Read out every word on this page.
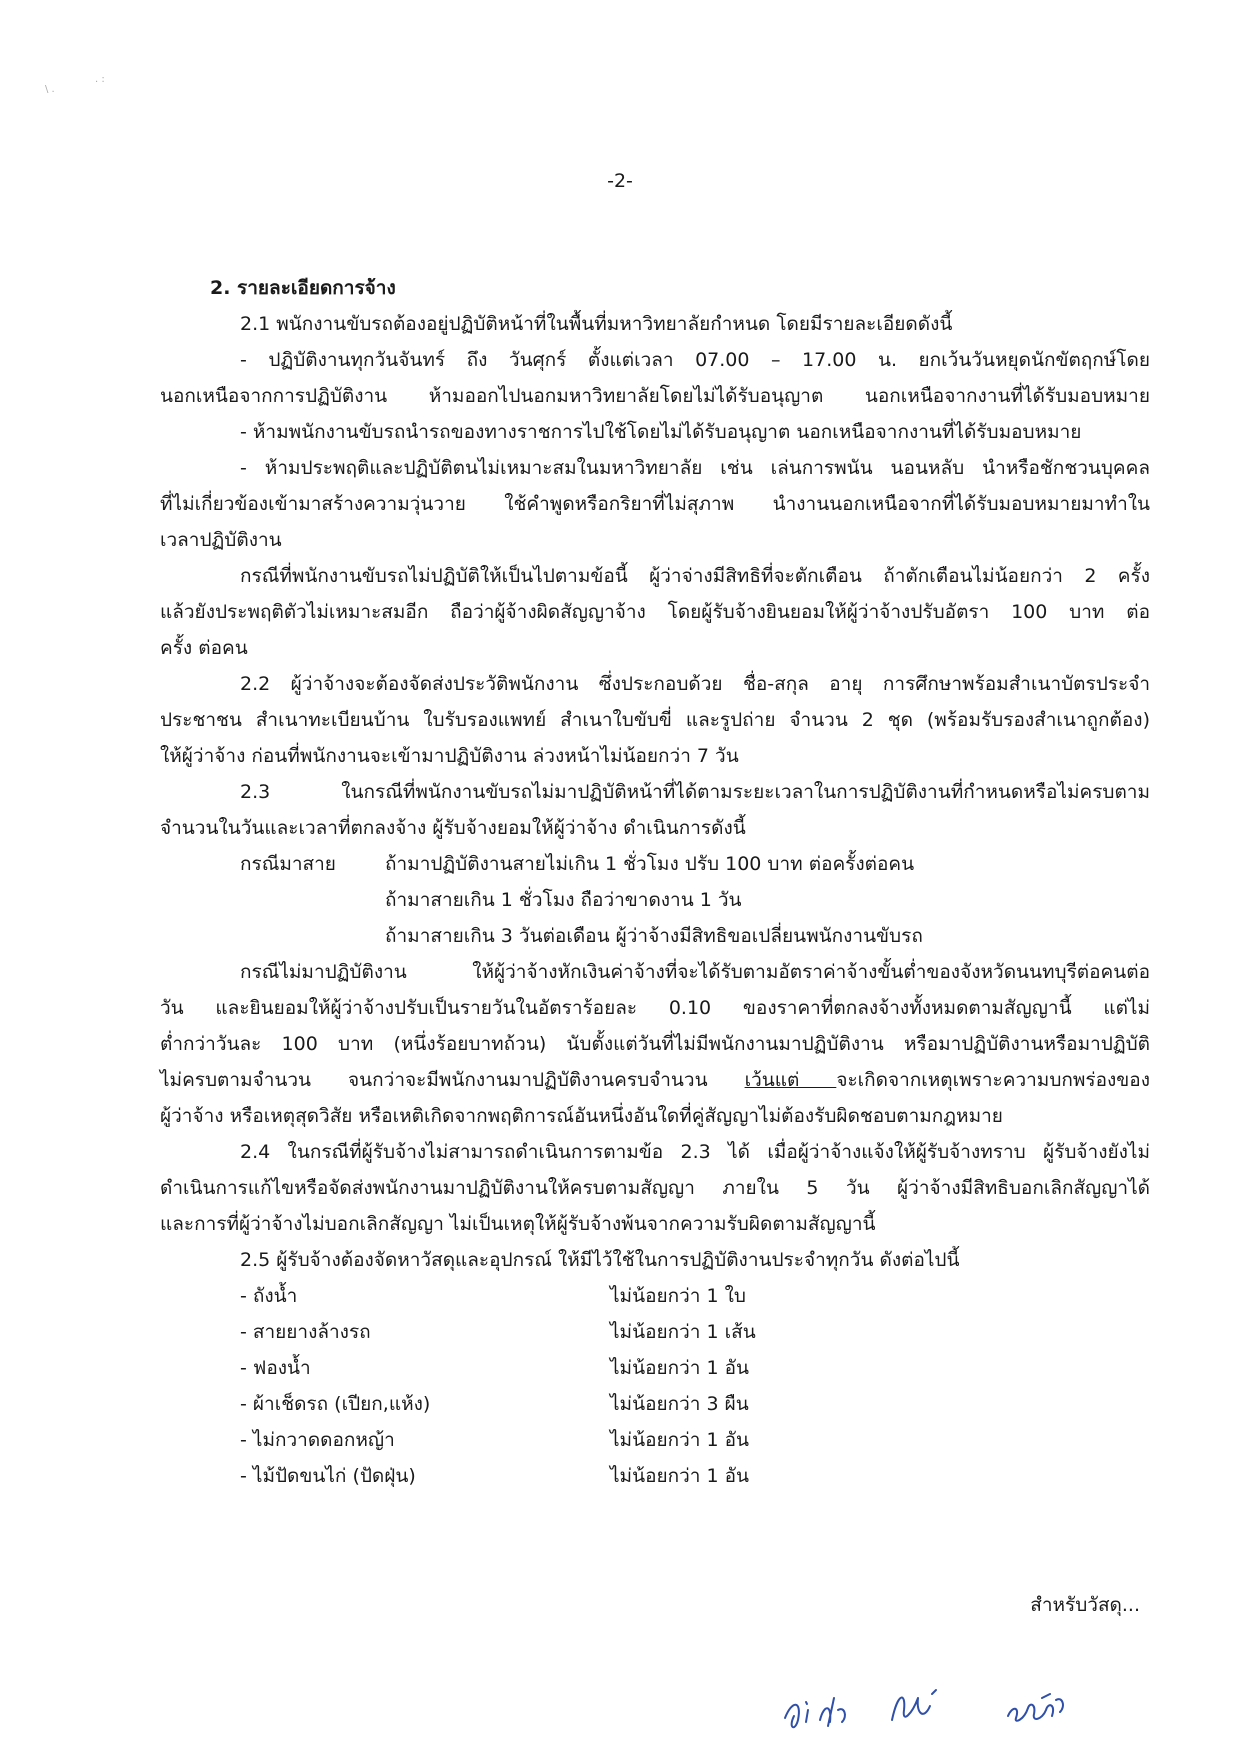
\ .
. :
-2-

2. รายละเอียดการจ้าง

2.1 พนักงานขับรถต้องอยู่ปฏิบัติหน้าที่ในพื้นที่มหาวิทยาลัยกำหนด โดยมีรายละเอียดดังนี้

- ปฏิบัติงานทุกวันจันทร์ ถึง วันศุกร์ ตั้งแต่เวลา 07.00 – 17.00 น. ยกเว้นวันหยุดนักขัตฤกษ์โดย

นอกเหนือจากการปฏิบัติงาน ห้ามออกไปนอกมหาวิทยาลัยโดยไม่ได้รับอนุญาต นอกเหนือจากงานที่ได้รับมอบหมาย

- ห้ามพนักงานขับรถนำรถของทางราชการไปใช้โดยไม่ได้รับอนุญาต นอกเหนือจากงานที่ได้รับมอบหมาย

- ห้ามประพฤติและปฏิบัติตนไม่เหมาะสมในมหาวิทยาลัย เช่น เล่นการพนัน นอนหลับ นำหรือชักชวนบุคคล

ที่ไม่เกี่ยวข้องเข้ามาสร้างความวุ่นวาย ใช้คำพูดหรือกริยาที่ไม่สุภาพ นำงานนอกเหนือจากที่ได้รับมอบหมายมาทำใน

เวลาปฏิบัติงาน

กรณีที่พนักงานขับรถไม่ปฏิบัติให้เป็นไปตามข้อนี้ ผู้ว่าจ่างมีสิทธิที่จะตักเตือน ถ้าตักเตือนไม่น้อยกว่า 2 ครั้ง

แล้วยังประพฤติตัวไม่เหมาะสมอีก ถือว่าผู้จ้างผิดสัญญาจ้าง โดยผู้รับจ้างยินยอมให้ผู้ว่าจ้างปรับอัตรา 100 บาท ต่อ

ครั้ง ต่อคน

2.2 ผู้ว่าจ้างจะต้องจัดส่งประวัติพนักงาน ซึ่งประกอบด้วย ชื่อ-สกุล อายุ การศึกษาพร้อมสำเนาบัตรประจำ

ประชาชน สำเนาทะเบียนบ้าน ใบรับรองแพทย์ สำเนาใบขับขี่ และรูปถ่าย จำนวน 2 ชุด (พร้อมรับรองสำเนาถูกต้อง)

ให้ผู้ว่าจ้าง ก่อนที่พนักงานจะเข้ามาปฏิบัติงาน ล่วงหน้าไม่น้อยกว่า 7 วัน

2.3 ในกรณีที่พนักงานขับรถไม่มาปฏิบัติหน้าที่ได้ตามระยะเวลาในการปฏิบัติงานที่กำหนดหรือไม่ครบตาม

จำนวนในวันและเวลาที่ตกลงจ้าง ผู้รับจ้างยอมให้ผู้ว่าจ้าง ดำเนินการดังนี้

กรณีมาสาย	ถ้ามาปฏิบัติงานสายไม่เกิน 1 ชั่วโมง ปรับ 100 บาท ต่อครั้งต่อคน

ถ้ามาสายเกิน 1 ชั่วโมง ถือว่าขาดงาน 1 วัน

ถ้ามาสายเกิน 3 วันต่อเดือน ผู้ว่าจ้างมีสิทธิขอเปลี่ยนพนักงานขับรถ

กรณีไม่มาปฏิบัติงาน ให้ผู้ว่าจ้างหักเงินค่าจ้างที่จะได้รับตามอัตราค่าจ้างขั้นต่ำของจังหวัดนนทบุรีต่อคนต่อ

วัน และยินยอมให้ผู้ว่าจ้างปรับเป็นรายวันในอัตราร้อยละ 0.10 ของราคาที่ตกลงจ้างทั้งหมดตามสัญญานี้ แต่ไม่

ต่ำกว่าวันละ 100 บาท (หนึ่งร้อยบาทถ้วน) นับตั้งแต่วันที่ไม่มีพนักงานมาปฏิบัติงาน หรือมาปฏิบัติงานหรือมาปฏิบัติ

ไม่ครบตามจำนวน จนกว่าจะมีพนักงานมาปฏิบัติงานครบจำนวน เว้นแต่ จะเกิดจากเหตุเพราะความบกพร่องของ

ผู้ว่าจ้าง หรือเหตุสุดวิสัย หรือเหติเกิดจากพฤติการณ์อันหนึ่งอันใดที่คู่สัญญาไม่ต้องรับผิดชอบตามกฎหมาย

2.4 ในกรณีที่ผู้รับจ้างไม่สามารถดำเนินการตามข้อ 2.3 ได้ เมื่อผู้ว่าจ้างแจ้งให้ผู้รับจ้างทราบ ผู้รับจ้างยังไม่

ดำเนินการแก้ไขหรือจัดส่งพนักงานมาปฏิบัติงานให้ครบตามสัญญา ภายใน 5 วัน ผู้ว่าจ้างมีสิทธิบอกเลิกสัญญาได้

และการที่ผู้ว่าจ้างไม่บอกเลิกสัญญา ไม่เป็นเหตุให้ผู้รับจ้างพ้นจากความรับผิดตามสัญญานี้

2.5 ผู้รับจ้างต้องจัดหาวัสดุและอุปกรณ์ ให้มีไว้ใช้ในการปฏิบัติงานประจำทุกวัน ดังต่อไปนี้

- ถังน้ำ	ไม่น้อยกว่า 1 ใบ
- สายยางล้างรถ	ไม่น้อยกว่า 1 เส้น
- ฟองน้ำ	ไม่น้อยกว่า 1 อัน
- ผ้าเช็ดรถ (เปียก,แห้ง)	ไม่น้อยกว่า 3 ผืน
- ไม่กวาดดอกหญ้า	ไม่น้อยกว่า 1 อัน
- ไม้ปัดขนไก่ (ปัดฝุ่น)	ไม่น้อยกว่า 1 อัน
สำหรับวัสดุ...
